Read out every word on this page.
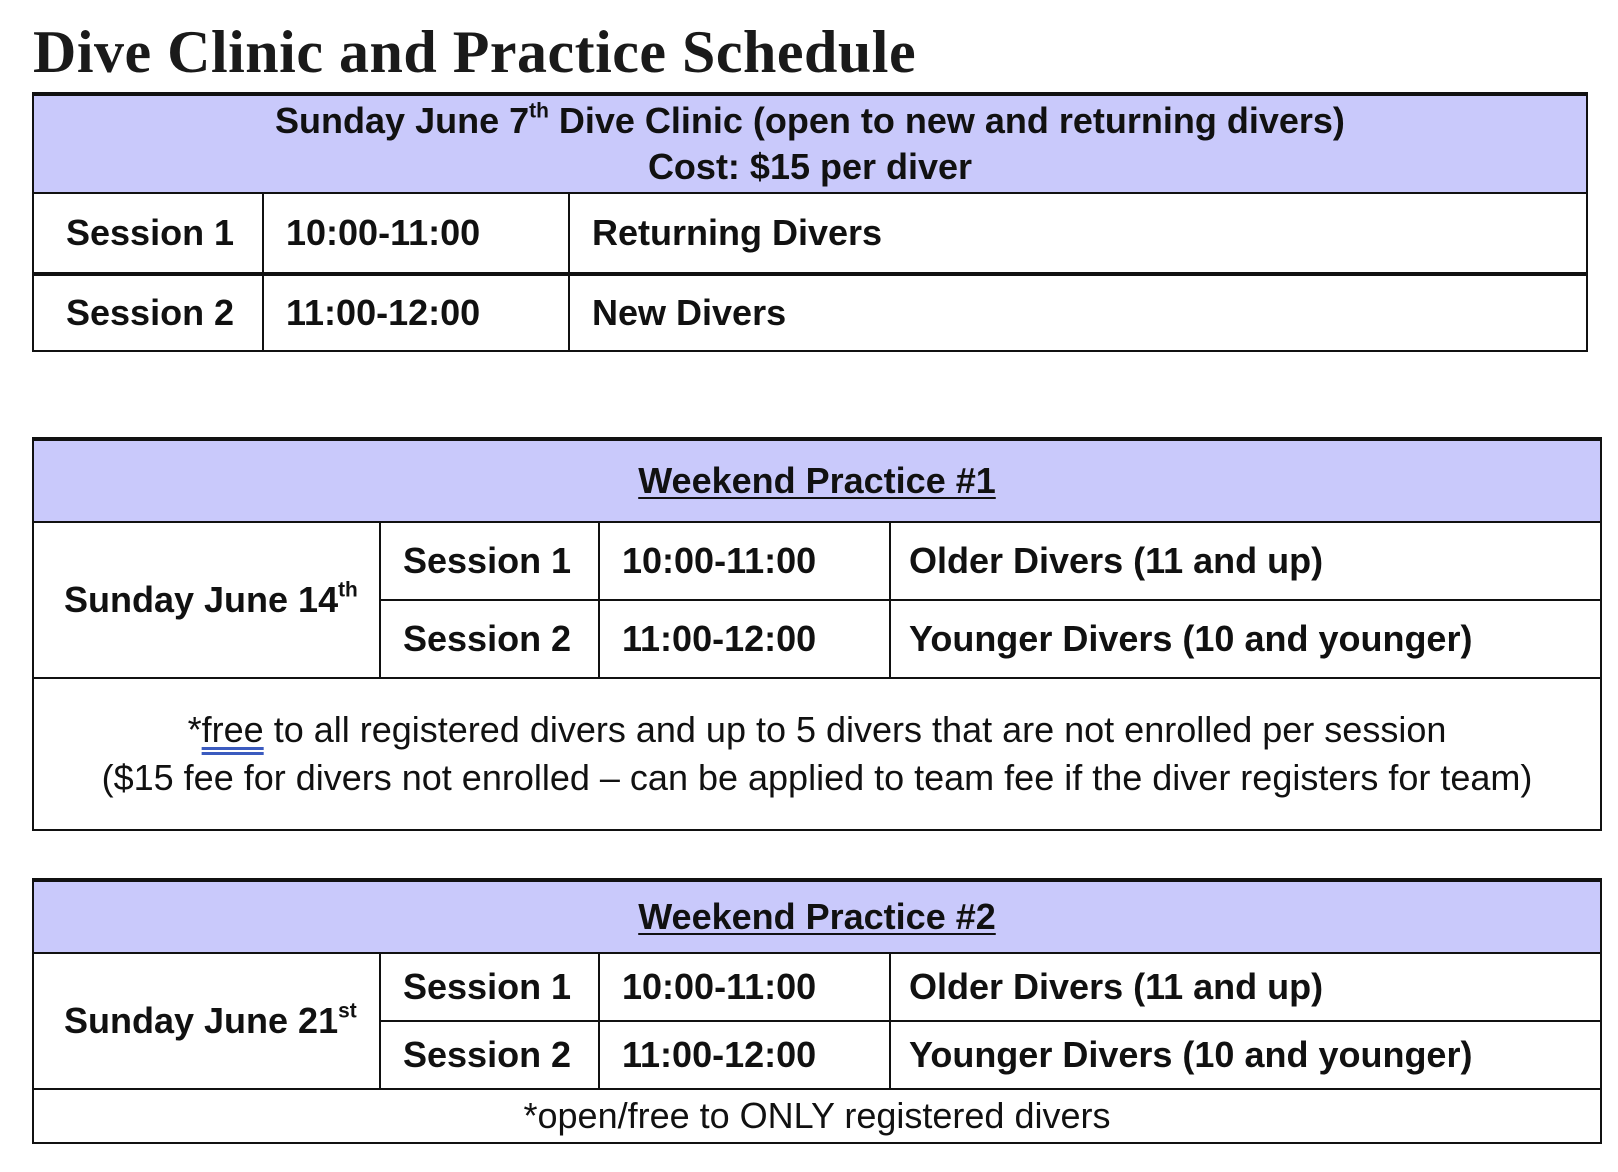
Dive Clinic and Practice Schedule
Sunday June 7th Dive Clinic (open to new and returning divers)
Cost: $15 per diver		

Session 1	10:00-11:00	Returning Divers
Session 2	11:00-12:00	New Divers
Weekend Practice #1			
Sunday June 14th	Session 1	10:00-11:00	Older Divers (11 and up)
	Session 2	11:00-12:00	Younger Divers (10 and younger)

*free to all registered divers and up to 5 divers that are not enrolled per session
($15 fee for divers not enrolled – can be applied to team fee if the diver registers for team)			
Weekend Practice #2			
Sunday June 21st	Session 1	10:00-11:00	Older Divers (11 and up)
	Session 2	11:00-12:00	Younger Divers (10 and younger)
*open/free to ONLY registered divers			
